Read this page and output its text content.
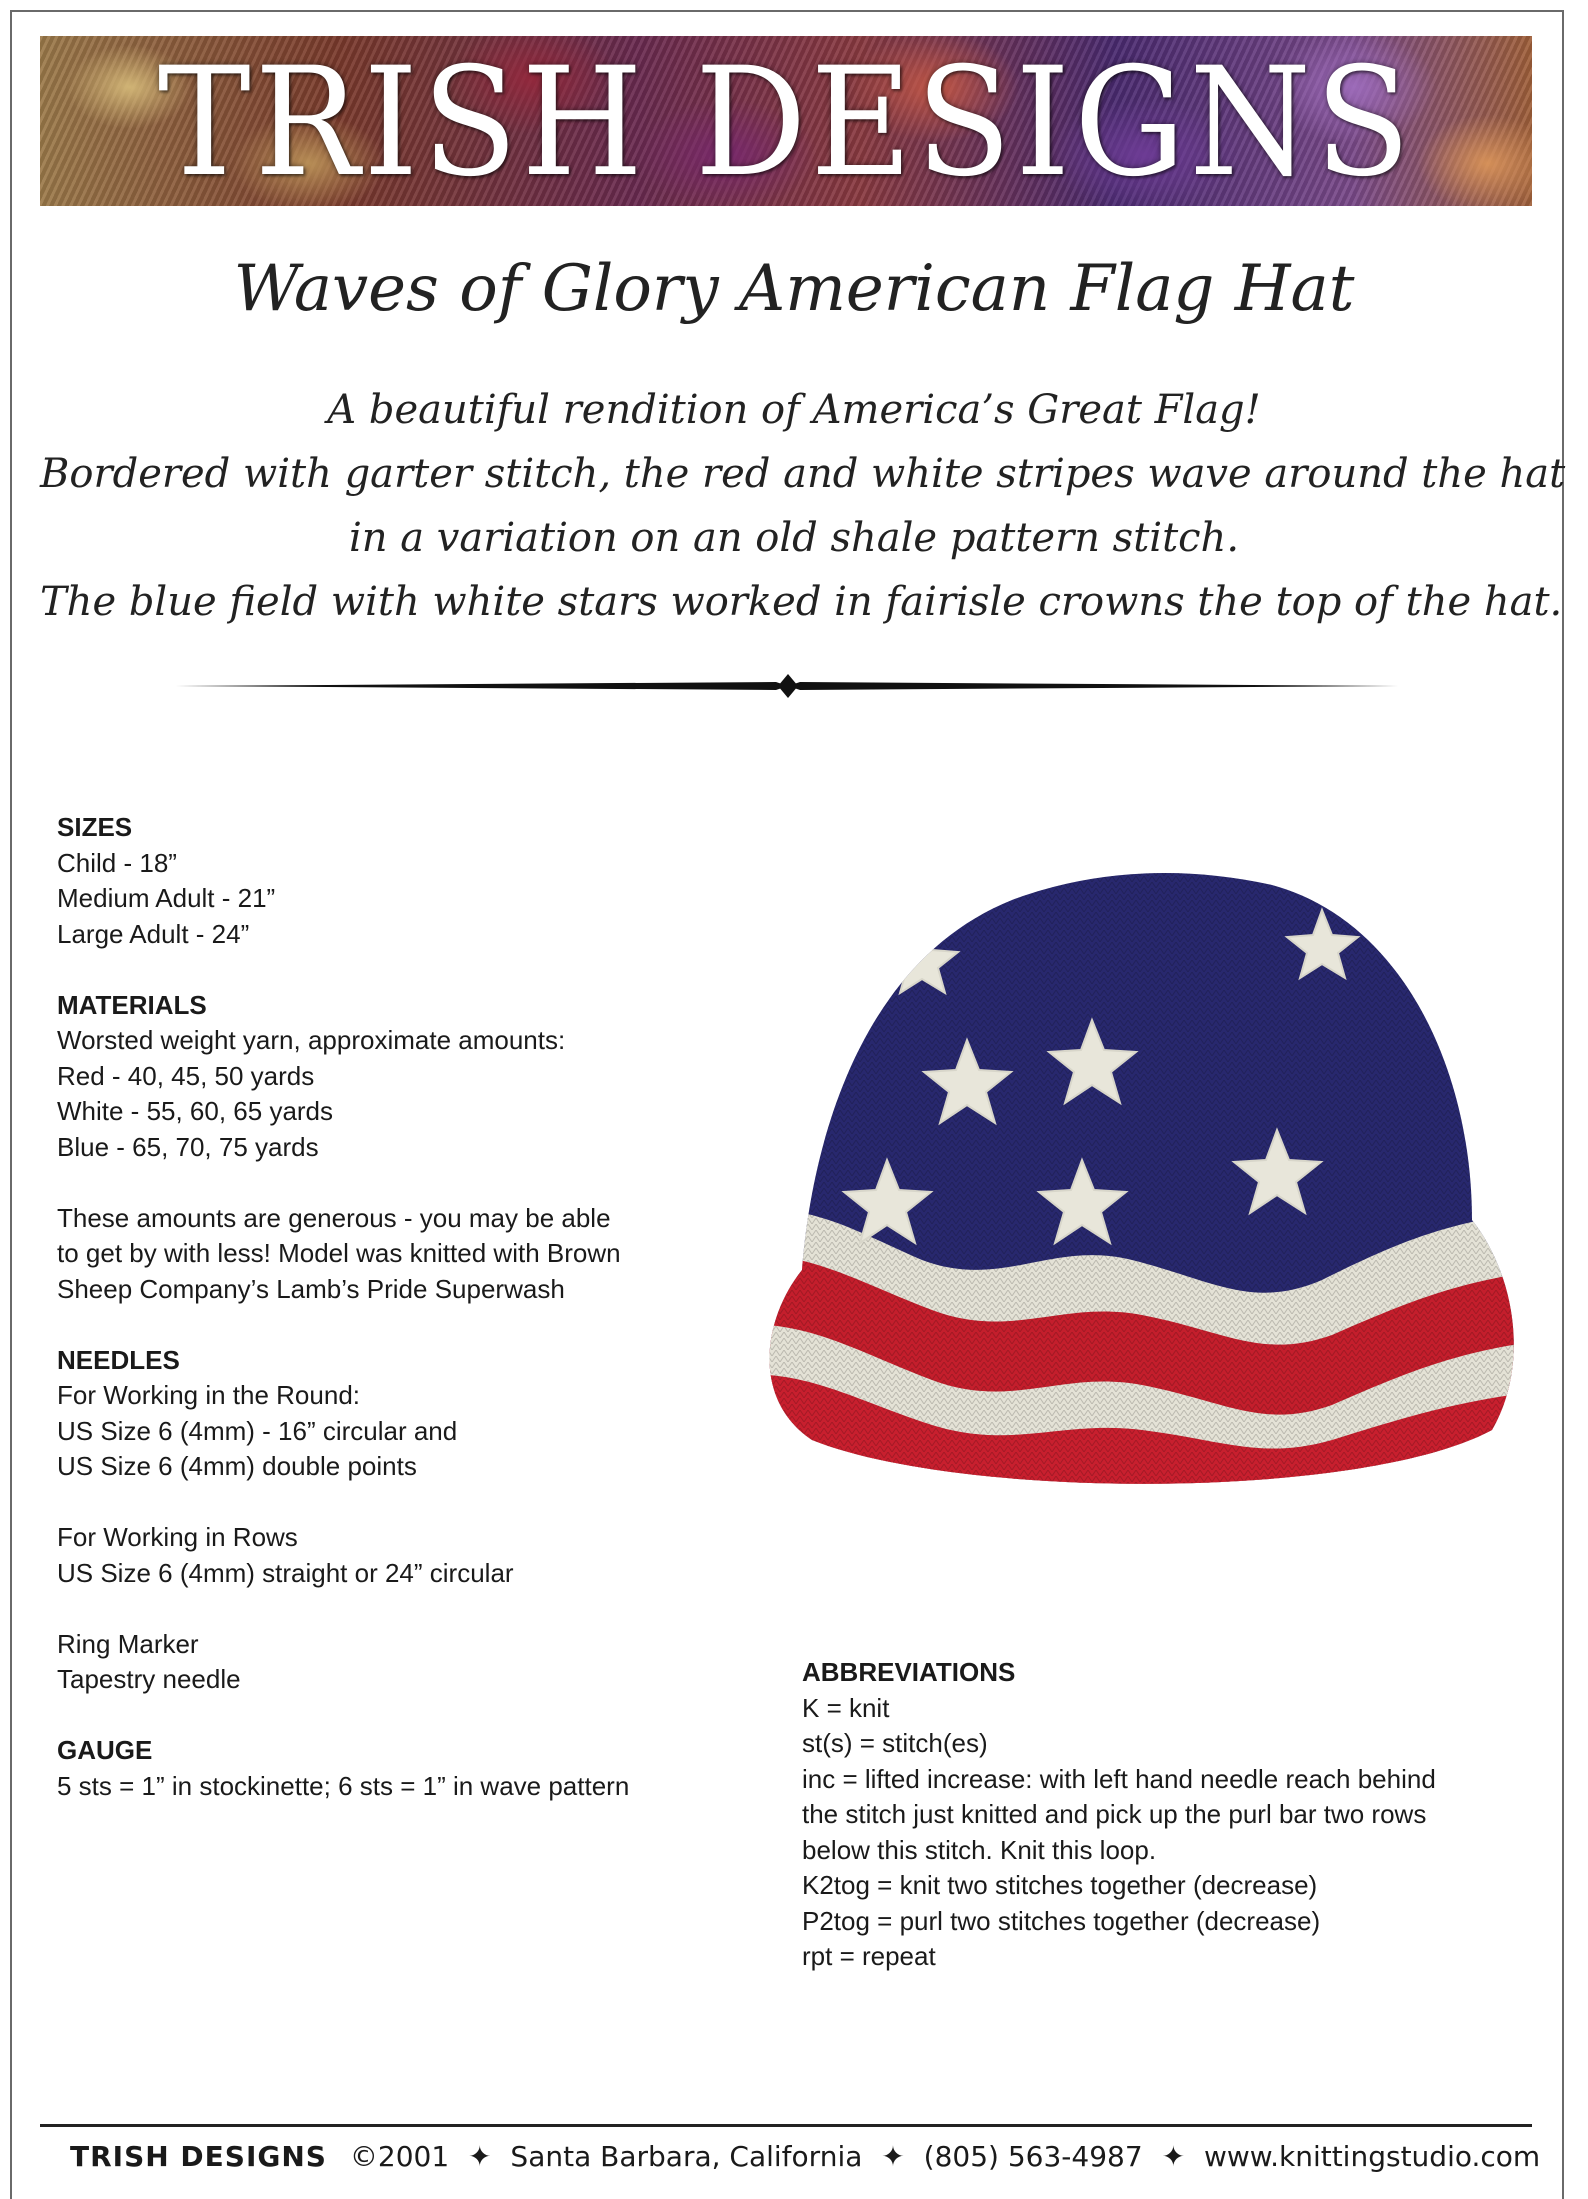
TRISH DESIGNS
Waves of Glory American Flag Hat
A beautiful rendition of America’s Great Flag!
Bordered with garter stitch, the red and white stripes wave around the hat
in a variation on an old shale pattern stitch.
The blue field with white stars worked in fairisle crowns the top of the hat.
SIZES
Child - 18”
Medium Adult - 21”
Large Adult - 24”
MATERIALS
Worsted weight yarn, approximate amounts:
Red - 40, 45, 50 yards
White - 55, 60, 65 yards
Blue - 65, 70, 75 yards
These amounts are generous - you may be able
to get by with less! Model was knitted with Brown
Sheep Company’s Lamb’s Pride Superwash
NEEDLES
For Working in the Round:
US Size 6 (4mm) - 16” circular and
US Size 6 (4mm) double points
For Working in Rows
US Size 6 (4mm) straight or 24” circular
Ring Marker
Tapestry needle
GAUGE
5 sts = 1” in stockinette; 6 sts = 1” in wave pattern
ABBREVIATIONS
K = knit
st(s) = stitch(es)
inc = lifted increase: with left hand needle reach behind
the stitch just knitted and pick up the purl bar two rows
below this stitch. Knit this loop.
K2tog = knit two stitches together (decrease)
P2tog = purl two stitches together (decrease)
rpt = repeat
TRISH DESIGNS ©2001 ✦ Santa Barbara, California ✦ (805) 563-4987 ✦ www.knittingstudio.com
